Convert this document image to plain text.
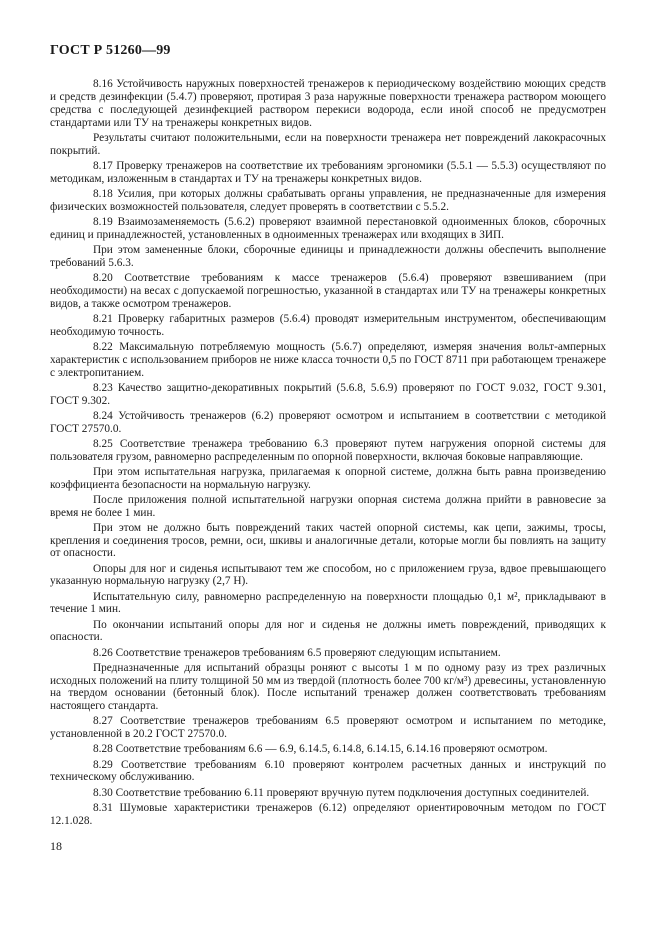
ГОСТ Р 51260—99

8.16 Устойчивость наружных поверхностей тренажеров к периодическому воздействию моющих средств и средств дезинфекции (5.4.7) проверяют, протирая 3 раза наружные поверхности тренажера раствором моющего средства с последующей дезинфекцией раствором перекиси водорода, если иной способ не предусмотрен стандартами или ТУ на тренажеры конкретных видов.

Результаты считают положительными, если на поверхности тренажера нет повреждений лакокрасочных покрытий.

8.17 Проверку тренажеров на соответствие их требованиям эргономики (5.5.1 — 5.5.3) осуществляют по методикам, изложенным в стандартах и ТУ на тренажеры конкретных видов.

8.18 Усилия, при которых должны срабатывать органы управления, не предназначенные для измерения физических возможностей пользователя, следует проверять в соответствии с 5.5.2.

8.19 Взаимозаменяемость (5.6.2) проверяют взаимной перестановкой одноименных блоков, сборочных единиц и принадлежностей, установленных в одноименных тренажерах или входящих в ЗИП.

При этом замененные блоки, сборочные единицы и принадлежности должны обеспечить выполнение требований 5.6.3.

8.20 Соответствие требованиям к массе тренажеров (5.6.4) проверяют взвешиванием (при необходимости) на весах с допускаемой погрешностью, указанной в стандартах или ТУ на тренажеры конкретных видов, а также осмотром тренажеров.

8.21 Проверку габаритных размеров (5.6.4) проводят измерительным инструментом, обеспечивающим необходимую точность.

8.22 Максимальную потребляемую мощность (5.6.7) определяют, измеряя значения вольт-амперных характеристик с использованием приборов не ниже класса точности 0,5 по ГОСТ 8711 при работающем тренажере с электропитанием.

8.23 Качество защитно-декоративных покрытий (5.6.8, 5.6.9) проверяют по ГОСТ 9.032, ГОСТ 9.301, ГОСТ 9.302.

8.24 Устойчивость тренажеров (6.2) проверяют осмотром и испытанием в соответствии с методикой ГОСТ 27570.0.

8.25 Соответствие тренажера требованию 6.3 проверяют путем нагружения опорной системы для пользователя грузом, равномерно распределенным по опорной поверхности, включая боковые направляющие.

При этом испытательная нагрузка, прилагаемая к опорной системе, должна быть равна произведению коэффициента безопасности на нормальную нагрузку.

После приложения полной испытательной нагрузки опорная система должна прийти в равновесие за время не более 1 мин.

При этом не должно быть повреждений таких частей опорной системы, как цепи, зажимы, тросы, крепления и соединения тросов, ремни, оси, шкивы и аналогичные детали, которые могли бы повлиять на защиту от опасности.

Опоры для ног и сиденья испытывают тем же способом, но с приложением груза, вдвое превышающего указанную нормальную нагрузку (2,7 Н).

Испытательную силу, равномерно распределенную на поверхности площадью 0,1 м², прикладывают в течение 1 мин.

По окончании испытаний опоры для ног и сиденья не должны иметь повреждений, приводящих к опасности.

8.26 Соответствие тренажеров требованиям 6.5 проверяют следующим испытанием.

Предназначенные для испытаний образцы роняют с высоты 1 м по одному разу из трех различных исходных положений на плиту толщиной 50 мм из твердой (плотность более 700 кг/м³) древесины, установленную на твердом основании (бетонный блок). После испытаний тренажер должен соответствовать требованиям настоящего стандарта.

8.27 Соответствие тренажеров требованиям 6.5 проверяют осмотром и испытанием по методике, установленной в 20.2 ГОСТ 27570.0.

8.28 Соответствие требованиям 6.6 — 6.9, 6.14.5, 6.14.8, 6.14.15, 6.14.16 проверяют осмотром.

8.29 Соответствие требованиям 6.10 проверяют контролем расчетных данных и инструкций по техническому обслуживанию.

8.30 Соответствие требованию 6.11 проверяют вручную путем подключения доступных соединителей.

8.31 Шумовые характеристики тренажеров (6.12) определяют ориентировочным методом по ГОСТ 12.1.028.

18
